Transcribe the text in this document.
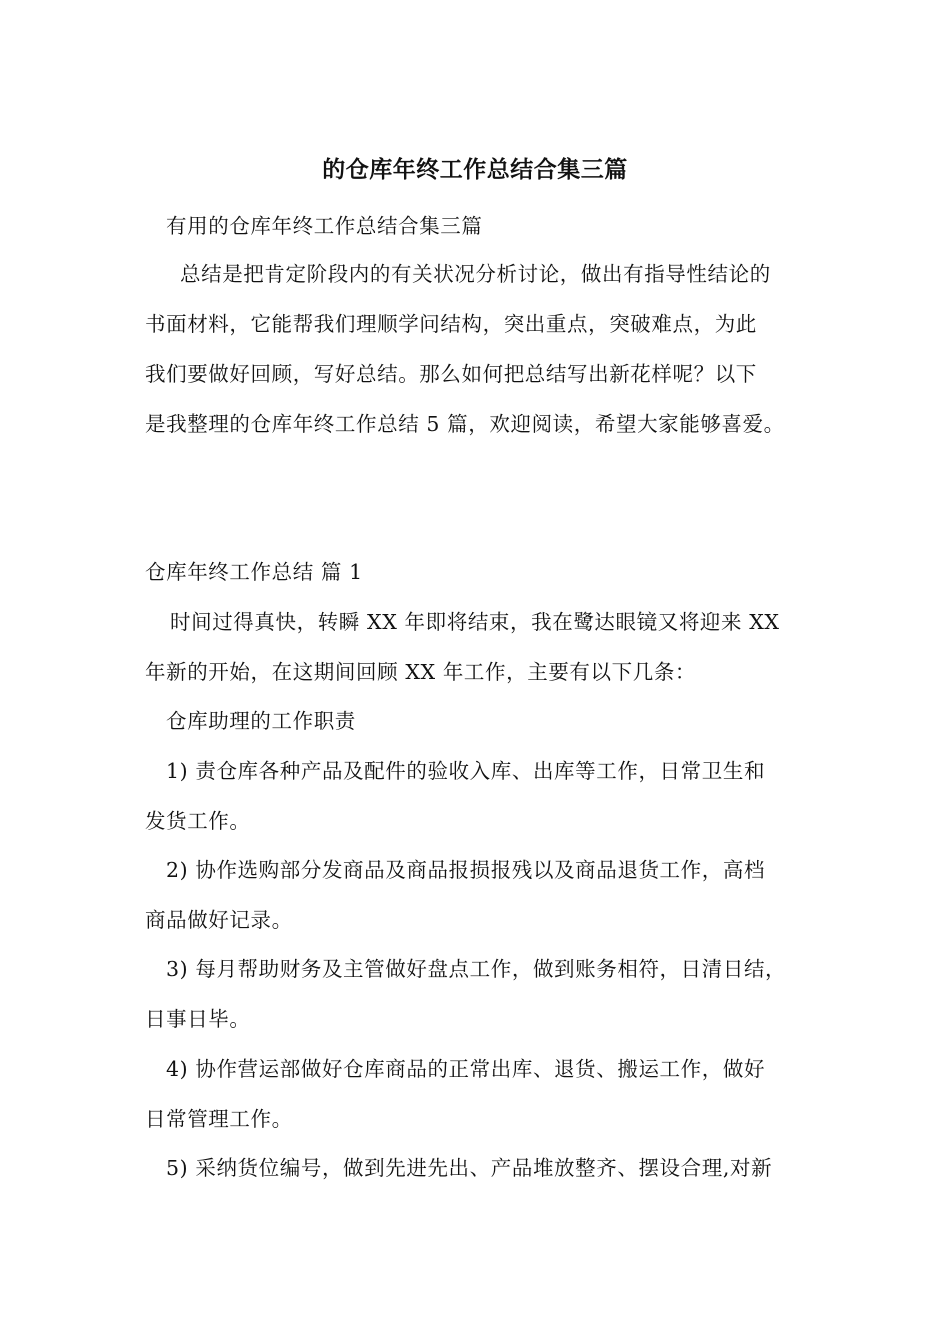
的仓库年终工作总结合集三篇
有用的仓库年终工作总结合集三篇
总结是把肯定阶段内的有关状况分析讨论，做出有指导性结论的
书面材料，它能帮我们理顺学问结构，突出重点，突破难点，为此
我们要做好回顾，写好总结。那么如何把总结写出新花样呢？以下
是我整理的仓库年终工作总结 5 篇，欢迎阅读，希望大家能够喜爱。
仓库年终工作总结 篇 1
时间过得真快，转瞬 XX 年即将结束，我在鹭达眼镜又将迎来 XX
年新的开始，在这期间回顾 XX 年工作，主要有以下几条：
仓库助理的工作职责
1) 责仓库各种产品及配件的验收入库、出库等工作，日常卫生和
发货工作。
2) 协作选购部分发商品及商品报损报残以及商品退货工作，高档
商品做好记录。
3) 每月帮助财务及主管做好盘点工作，做到账务相符，日清日结，
日事日毕。
4) 协作营运部做好仓库商品的正常出库、退货、搬运工作，做好
日常管理工作。
5) 采纳货位编号，做到先进先出、产品堆放整齐、摆设合理,对新
